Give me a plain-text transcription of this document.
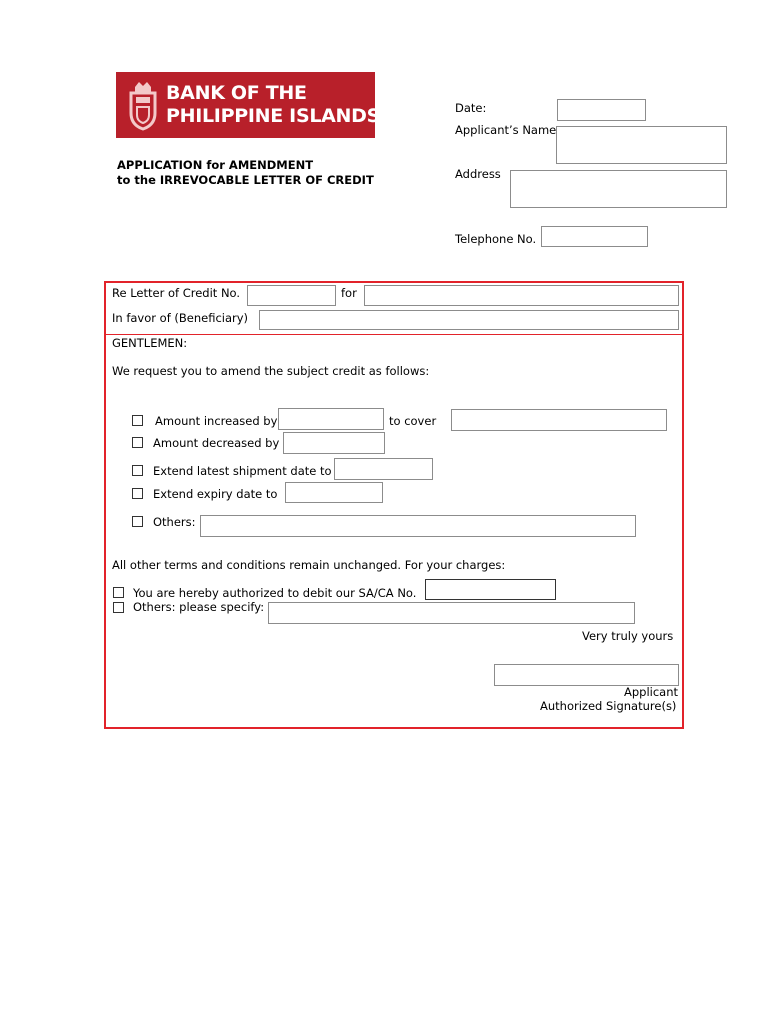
BANK OF THE
PHILIPPINE ISLANDS
APPLICATION for AMENDMENT
to the IRREVOCABLE LETTER OF CREDIT
Date:
Applicant’s Name
Address
Telephone No.
Re Letter of Credit No.	for
In favor of (Beneficiary)
GENTLEMEN:
We request you to amend the subject credit as follows:
Amount increased by	to cover
Amount decreased by
Extend latest shipment date to
Extend expiry date to
Others:
All other terms and conditions remain unchanged. For your charges:
You are hereby authorized to debit our SA/CA No.
Others: please specify:
Very truly yours
Applicant
Authorized Signature(s)
